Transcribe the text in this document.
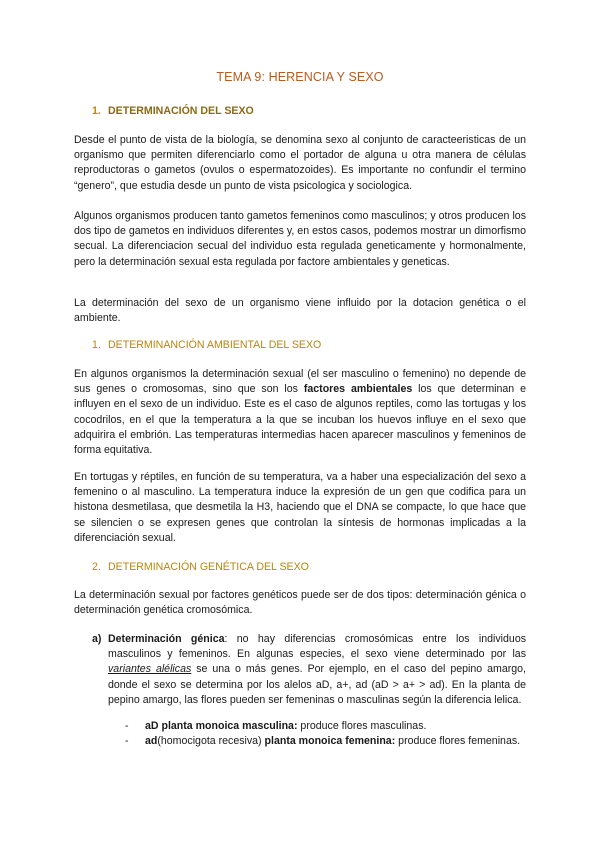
TEMA 9: HERENCIA Y SEXO
1. DETERMINACIÓN DEL SEXO

Desde el punto de vista de la biología, se denomina sexo al conjunto de caracteeristicas de un organismo que permiten diferenciarlo como el portador de alguna u otra manera de células reproductoras o gametos (ovulos o espermatozoides). Es importante no confundir el termino “genero”, que estudia desde un punto de vista psicologica y sociologica.

Algunos organismos producen tanto gametos femeninos como masculinos; y otros producen los dos tipo de gametos en individuos diferentes y, en estos casos, podemos mostrar un dimorfismo secual. La diferenciacion secual del individuo esta regulada geneticamente y hormonalmente, pero la determinación sexual esta regulada por factore ambientales y geneticas.

La determinación del sexo de un organismo viene influido por la dotacion genética o el ambiente.

1. DETERMINANCIÓN AMBIENTAL DEL SEXO

En algunos organismos la determinación sexual (el ser masculino o femenino) no depende de sus genes o cromosomas, sino que son los factores ambientales los que determinan e influyen en el sexo de un individuo. Este es el caso de algunos reptiles, como las tortugas y los cocodrilos, en el que la temperatura a la que se incuban los huevos influye en el sexo que adquirira el embrión. Las temperaturas intermedias hacen aparecer masculinos y femeninos de forma equitativa.

En tortugas y réptiles, en función de su temperatura, va a haber una especialización del sexo a femenino o al masculino. La temperatura induce la expresión de un gen que codifica para un histona desmetilasa, que desmetila la H3, haciendo que el DNA se compacte, lo que hace que se silencien o se expresen genes que controlan la síntesis de hormonas implicadas a la diferenciación sexual.

2. DETERMINACIÓN GENÉTICA DEL SEXO

La determinación sexual por factores genéticos puede ser de dos tipos: determinación génica o determinación genética cromosómica.

a) Determinación génica: no hay diferencias cromosómicas entre los individuos masculinos y femeninos. En algunas especies, el sexo viene determinado por las variantes alélicas se una o más genes. Por ejemplo, en el caso del pepino amargo, donde el sexo se determina por los alelos aD, a+, ad (aD > a+ > ad). En la planta de pepino amargo, las flores pueden ser femeninas o masculinas según la diferencia lelica.
- aD planta monoica masculina: produce flores masculinas.
- ad(homocigota recesiva) planta monoica femenina: produce flores femeninas.
